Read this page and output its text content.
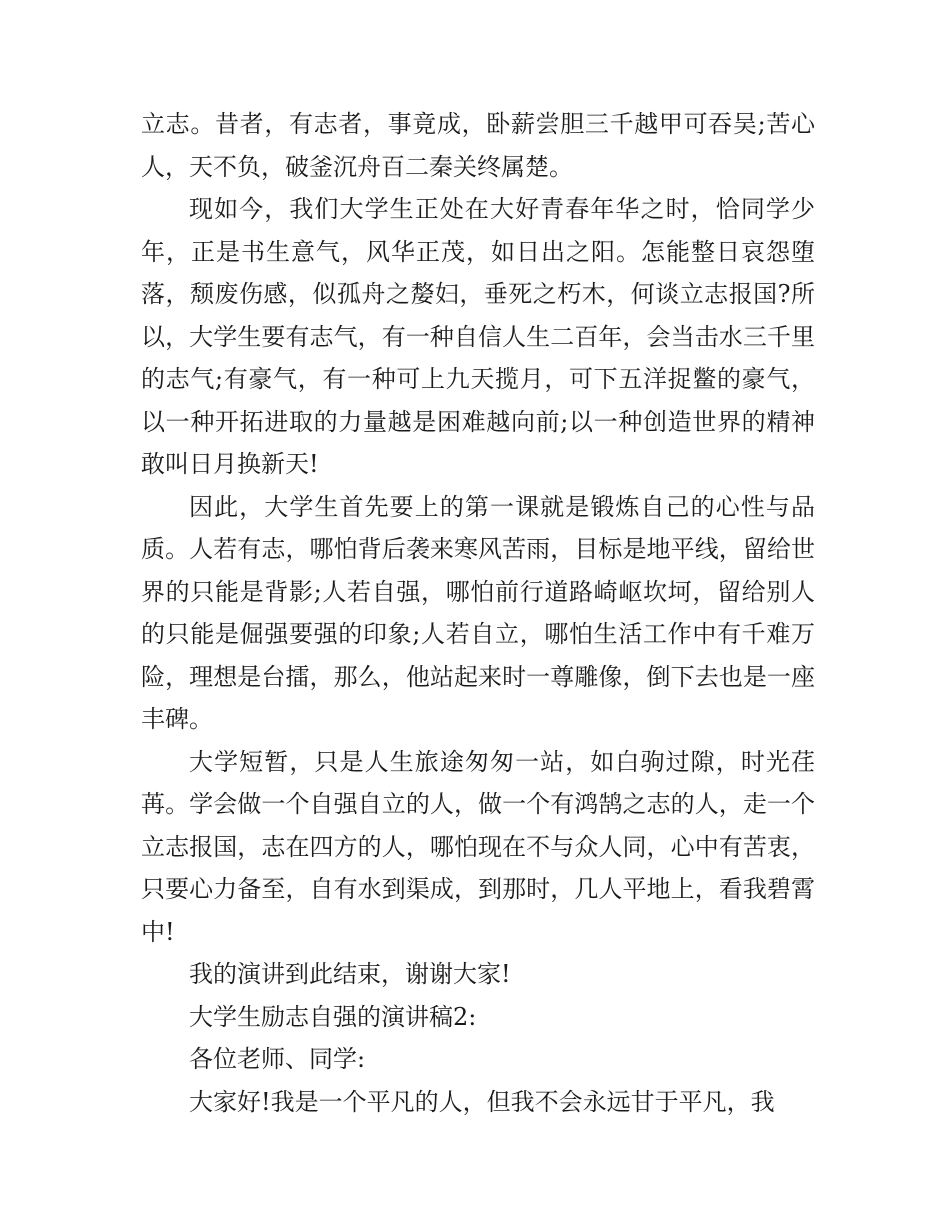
立志。昔者，有志者，事竟成，卧薪尝胆三千越甲可吞吴;苦心人，天不负，破釜沉舟百二秦关终属楚。

现如今，我们大学生正处在大好青春年华之时，恰同学少年，正是书生意气，风华正茂，如日出之阳。怎能整日哀怨堕落，颓废伤感，似孤舟之嫠妇，垂死之朽木，何谈立志报国?所以，大学生要有志气，有一种自信人生二百年，会当击水三千里的志气;有豪气，有一种可上九天揽月，可下五洋捉鳖的豪气，以一种开拓进取的力量越是困难越向前;以一种创造世界的精神敢叫日月换新天!

因此，大学生首先要上的第一课就是锻炼自己的心性与品质。人若有志，哪怕背后袭来寒风苦雨，目标是地平线，留给世界的只能是背影;人若自强，哪怕前行道路崎岖坎坷，留给别人的只能是倔强要强的印象;人若自立，哪怕生活工作中有千难万险，理想是台擂，那么，他站起来时一尊雕像，倒下去也是一座丰碑。

大学短暂，只是人生旅途匆匆一站，如白驹过隙，时光荏苒。学会做一个自强自立的人，做一个有鸿鹄之志的人，走一个立志报国，志在四方的人，哪怕现在不与众人同，心中有苦衷，只要心力备至，自有水到渠成，到那时，几人平地上，看我碧霄中!

我的演讲到此结束，谢谢大家!

大学生励志自强的演讲稿2:

各位老师、同学:

大家好!我是一个平凡的人，但我不会永远甘于平凡，我
